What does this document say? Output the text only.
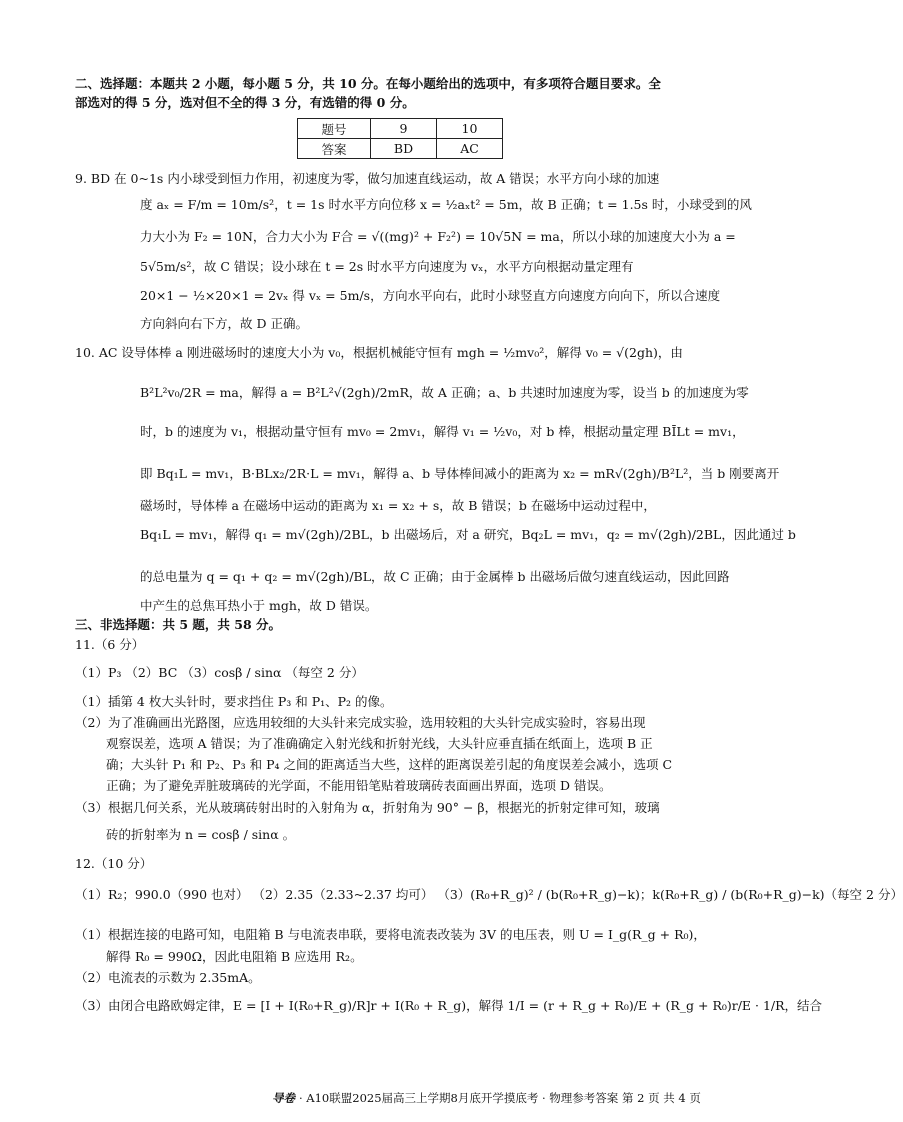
二、选择题：本题共 2 小题，每小题 5 分，共 10 分。在每小题给出的选项中，有多项符合题目要求。全
部选对的得 5 分，选对但不全的得 3 分，有选错的得 0 分。
题号	9	10
答案	BD	AC
9. BD 在 0~1s 内小球受到恒力作用，初速度为零，做匀加速直线运动，故 A 错误；水平方向小球的加速
度 aₓ = F/m = 10m/s²，t = 1s 时水平方向位移 x = ½aₓt² = 5m，故 B 正确；t = 1.5s 时，小球受到的风
力大小为 F₂ = 10N，合力大小为 F合 = √((mg)² + F₂²) = 10√5N = ma，所以小球的加速度大小为 a =
5√5m/s²，故 C 错误；设小球在 t = 2s 时水平方向速度为 vₓ，水平方向根据动量定理有
20×1 − ½×20×1 = 2vₓ 得 vₓ = 5m/s，方向水平向右，此时小球竖直方向速度方向向下，所以合速度
方向斜向右下方，故 D 正确。
10. AC 设导体棒 a 刚进磁场时的速度大小为 v₀，根据机械能守恒有 mgh = ½mv₀²，解得 v₀ = √(2gh)，由
B²L²v₀/2R = ma，解得 a = B²L²√(2gh)/2mR，故 A 正确；a、b 共速时加速度为零，设当 b 的加速度为零
时，b 的速度为 v₁，根据动量守恒有 mv₀ = 2mv₁，解得 v₁ = ½v₀，对 b 棒，根据动量定理 BĪLt = mv₁，
即 Bq₁L = mv₁，B·BLx₂/2R·L = mv₁，解得 a、b 导体棒间减小的距离为 x₂ = mR√(2gh)/B²L²，当 b 刚要离开
磁场时，导体棒 a 在磁场中运动的距离为 x₁ = x₂ + s，故 B 错误；b 在磁场中运动过程中，
Bq₁L = mv₁，解得 q₁ = m√(2gh)/2BL，b 出磁场后，对 a 研究，Bq₂L = mv₁，q₂ = m√(2gh)/2BL，因此通过 b
的总电量为 q = q₁ + q₂ = m√(2gh)/BL，故 C 正确；由于金属棒 b 出磁场后做匀速直线运动，因此回路
中产生的总焦耳热小于 mgh，故 D 错误。
三、非选择题：共 5 题，共 58 分。
11.（6 分）
（1）P₃ （2）BC （3）cosβ / sinα （每空 2 分）
（1）插第 4 枚大头针时，要求挡住 P₃ 和 P₁、P₂ 的像。
（2）为了准确画出光路图，应选用较细的大头针来完成实验，选用较粗的大头针完成实验时，容易出现
观察误差，选项 A 错误；为了准确确定入射光线和折射光线，大头针应垂直插在纸面上，选项 B 正
确；大头针 P₁ 和 P₂、P₃ 和 P₄ 之间的距离适当大些，这样的距离误差引起的角度误差会减小，选项 C
正确；为了避免弄脏玻璃砖的光学面，不能用铅笔贴着玻璃砖表面画出界面，选项 D 错误。
（3）根据几何关系，光从玻璃砖射出时的入射角为 α，折射角为 90° − β，根据光的折射定律可知，玻璃
砖的折射率为 n = cosβ / sinα 。
12.（10 分）
（1）R₂；990.0（990 也对） （2）2.35（2.33~2.37 均可） （3）(R₀+R_g)² / (b(R₀+R_g)−k)；k(R₀+R_g) / (b(R₀+R_g)−k)（每空 2 分）
（1）根据连接的电路可知，电阻箱 B 与电流表串联，要将电流表改装为 3V 的电压表，则 U = I_g(R_g + R₀)，
解得 R₀ = 990Ω，因此电阻箱 B 应选用 R₂。
（2）电流表的示数为 2.35mA。
（3）由闭合电路欧姆定律，E = [I + I(R₀+R_g)/R]r + I(R₀ + R_g)，解得 1/I = (r + R_g + R₀)/E + (R_g + R₀)r/E · 1/R，结合
导卷 · A10联盟2025届高三上学期8月底开学摸底考 · 物理参考答案 第 2 页 共 4 页
